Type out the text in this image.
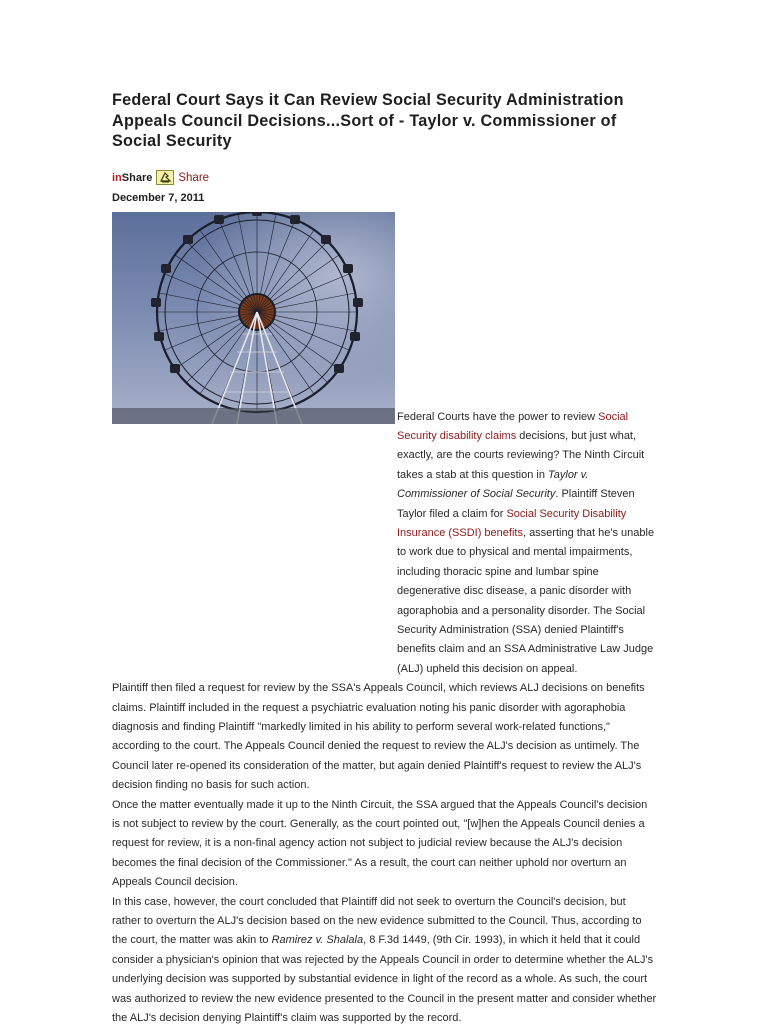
Federal Court Says it Can Review Social Security Administration Appeals Council Decisions...Sort of - Taylor v. Commissioner of Social Security
in Share Share
December 7, 2011

Federal Courts have the power to review Social Security disability claims decisions, but just what, exactly, are the courts reviewing? The Ninth Circuit takes a stab at this question in Taylor v. Commissioner of Social Security. Plaintiff Steven Taylor filed a claim for Social Security Disability Insurance (SSDI) benefits, asserting that he's unable to work due to physical and mental impairments, including thoracic spine and lumbar spine degenerative disc disease, a panic disorder with agoraphobia and a personality disorder. The Social Security Administration (SSA) denied Plaintiff's benefits claim and an SSA Administrative Law Judge (ALJ) upheld this decision on appeal.

Plaintiff then filed a request for review by the SSA's Appeals Council, which reviews ALJ decisions on benefits claims. Plaintiff included in the request a psychiatric evaluation noting his panic disorder with agoraphobia diagnosis and finding Plaintiff "markedly limited in his ability to perform several work-related functions," according to the court. The Appeals Council denied the request to review the ALJ's decision as untimely. The Council later re-opened its consideration of the matter, but again denied Plaintiff's request to review the ALJ's decision finding no basis for such action.

Once the matter eventually made it up to the Ninth Circuit, the SSA argued that the Appeals Council's decision is not subject to review by the court. Generally, as the court pointed out, "[w]hen the Appeals Council denies a request for review, it is a non-final agency action not subject to judicial review because the ALJ's decision becomes the final decision of the Commissioner." As a result, the court can neither uphold nor overturn an Appeals Council decision.

In this case, however, the court concluded that Plaintiff did not seek to overturn the Council's decision, but rather to overturn the ALJ's decision based on the new evidence submitted to the Council. Thus, according to the court, the matter was akin to Ramirez v. Shalala, 8 F.3d 1449, (9th Cir. 1993), in which it held that it could consider a physician's opinion that was rejected by the Appeals Council in order to determine whether the ALJ's underlying decision was supported by substantial evidence in light of the record as a whole. As such, the court was authorized to review the new evidence presented to the Council in the present matter and consider whether the ALJ's decision denying Plaintiff's claim was supported by the record.
